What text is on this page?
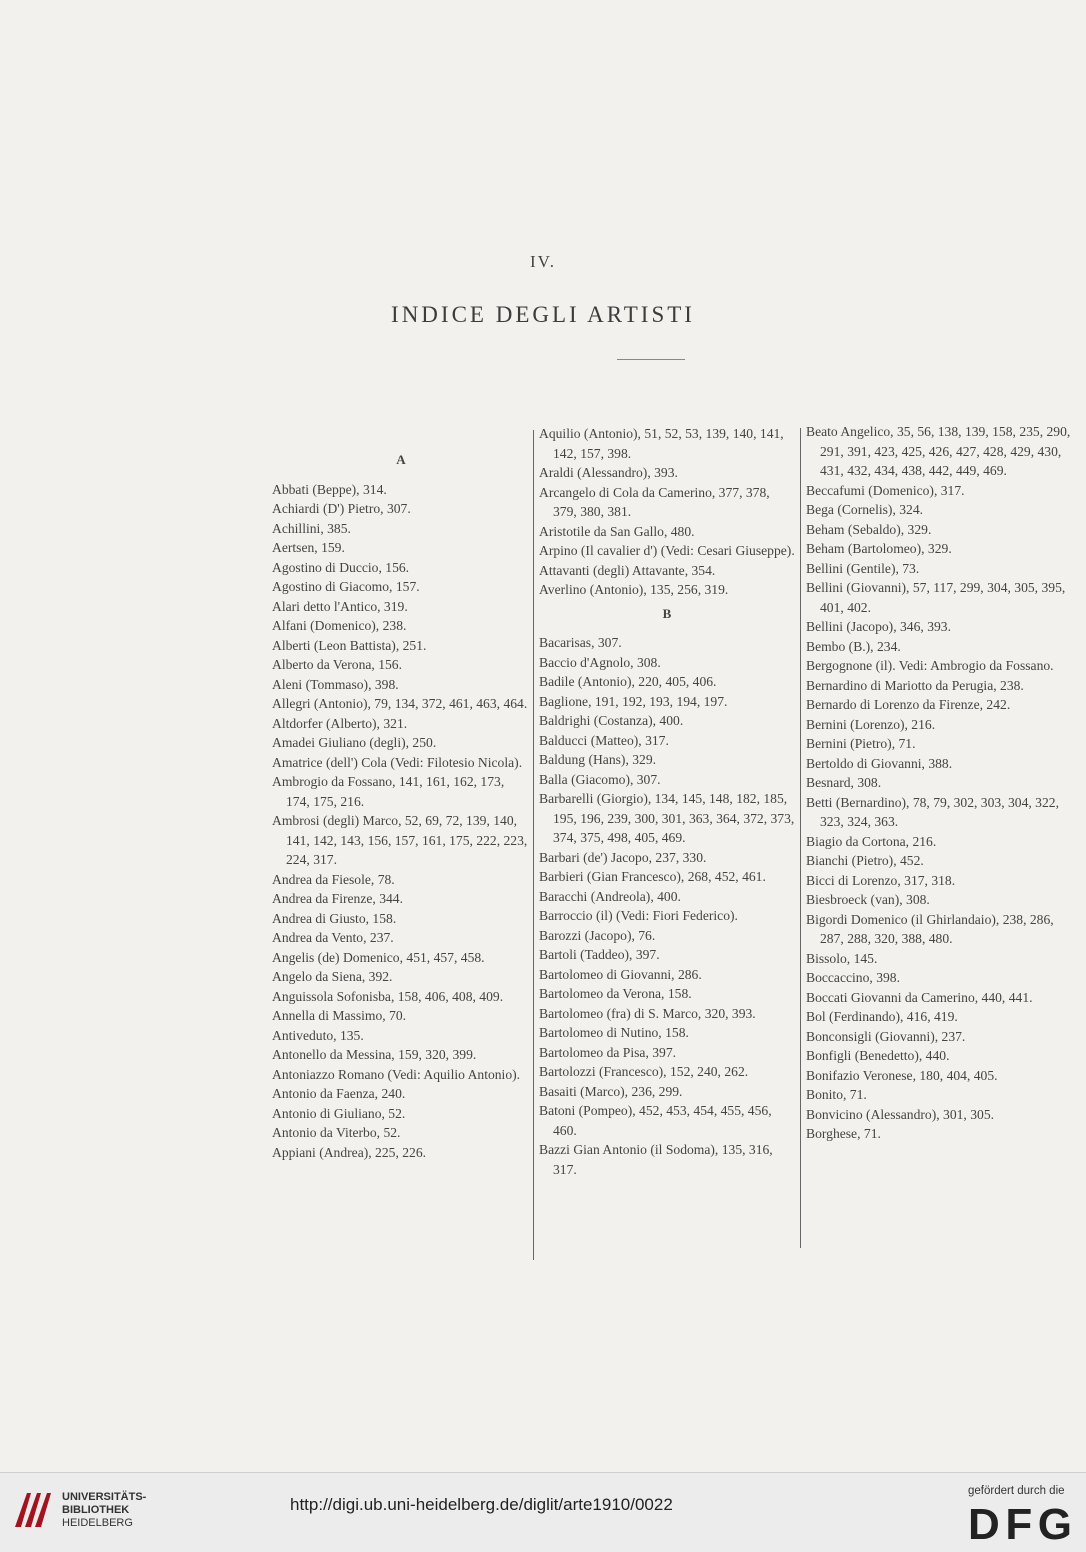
IV.
INDICE DEGLI ARTISTI
A
Abbati (Beppe), 314.
Achiardi (D') Pietro, 307.
Achillini, 385.
Aertsen, 159.
Agostino di Duccio, 156.
Agostino di Giacomo, 157.
Alari detto l'Antico, 319.
Alfani (Domenico), 238.
Alberti (Leon Battista), 251.
Alberto da Verona, 156.
Aleni (Tommaso), 398.
Allegri (Antonio), 79, 134, 372, 461, 463, 464.
Altdorfer (Alberto), 321.
Amadei Giuliano (degli), 250.
Amatrice (dell') Cola (Vedi: Filotesio Nicola).
Ambrogio da Fossano, 141, 161, 162, 173, 174, 175, 216.
Ambrosi (degli) Marco, 52, 69, 72, 139, 140, 141, 142, 143, 156, 157, 161, 175, 222, 223, 224, 317.
Andrea da Fiesole, 78.
Andrea da Firenze, 344.
Andrea di Giusto, 158.
Andrea da Vento, 237.
Angelis (de) Domenico, 451, 457, 458.
Angelo da Siena, 392.
Anguissola Sofonisba, 158, 406, 408, 409.
Annella di Massimo, 70.
Antiveduto, 135.
Antonello da Messina, 159, 320, 399.
Antoniazzo Romano (Vedi: Aquilio Antonio).
Antonio da Faenza, 240.
Antonio di Giuliano, 52.
Antonio da Viterbo, 52.
Appiani (Andrea), 225, 226.
Aquilio (Antonio), 51, 52, 53, 139, 140, 141, 142, 157, 398.
Araldi (Alessandro), 393.
Arcangelo di Cola da Camerino, 377, 378, 379, 380, 381.
Aristotile da San Gallo, 480.
Arpino (Il cavalier d') (Vedi: Cesari Giuseppe).
Attavanti (degli) Attavante, 354.
Averlino (Antonio), 135, 256, 319.
B
Bacarisas, 307.
Baccio d'Agnolo, 308.
Badile (Antonio), 220, 405, 406.
Baglione, 191, 192, 193, 194, 197.
Baldrighi (Costanza), 400.
Balducci (Matteo), 317.
Baldung (Hans), 329.
Balla (Giacomo), 307.
Barbarelli (Giorgio), 134, 145, 148, 182, 185, 195, 196, 239, 300, 301, 363, 364, 372, 373, 374, 375, 498, 405, 469.
Barbari (de') Jacopo, 237, 330.
Barbieri (Gian Francesco), 268, 452, 461.
Baracchi (Andreola), 400.
Barroccio (il) (Vedi: Fiori Federico).
Barozzi (Jacopo), 76.
Bartoli (Taddeo), 397.
Bartolomeo di Giovanni, 286.
Bartolomeo da Verona, 158.
Bartolomeo (fra) di S. Marco, 320, 393.
Bartolomeo di Nutino, 158.
Bartolomeo da Pisa, 397.
Bartolozzi (Francesco), 152, 240, 262.
Basaiti (Marco), 236, 299.
Batoni (Pompeo), 452, 453, 454, 455, 456, 460.
Bazzi Gian Antonio (il Sodoma), 135, 316, 317.
Beato Angelico, 35, 56, 138, 139, 158, 235, 290, 291, 391, 423, 425, 426, 427, 428, 429, 430, 431, 432, 434, 438, 442, 449, 469.
Beccafumi (Domenico), 317.
Bega (Cornelis), 324.
Beham (Sebaldo), 329.
Beham (Bartolomeo), 329.
Bellini (Gentile), 73.
Bellini (Giovanni), 57, 117, 299, 304, 305, 395, 401, 402.
Bellini (Jacopo), 346, 393.
Bembo (B.), 234.
Bergognone (il). Vedi: Ambrogio da Fossano.
Bernardino di Mariotto da Perugia, 238.
Bernardo di Lorenzo da Firenze, 242.
Bernini (Lorenzo), 216.
Bernini (Pietro), 71.
Bertoldo di Giovanni, 388.
Besnard, 308.
Betti (Bernardino), 78, 79, 302, 303, 304, 322, 323, 324, 363.
Biagio da Cortona, 216.
Bianchi (Pietro), 452.
Bicci di Lorenzo, 317, 318.
Biesbroeck (van), 308.
Bigordi Domenico (il Ghirlandaio), 238, 286, 287, 288, 320, 388, 480.
Bissolo, 145.
Boccaccino, 398.
Boccati Giovanni da Camerino, 440, 441.
Bol (Ferdinando), 416, 419.
Bonconsigli (Giovanni), 237.
Bonfigli (Benedetto), 440.
Bonifazio Veronese, 180, 404, 405.
Bonito, 71.
Bonvicino (Alessandro), 301, 305.
Borghese, 71.
UNIVERSITÄTS-
BIBLIOTHEK
HEIDELBERG
http://digi.ub.uni-heidelberg.de/diglit/arte1910/0022
gefördert durch die
DFG
